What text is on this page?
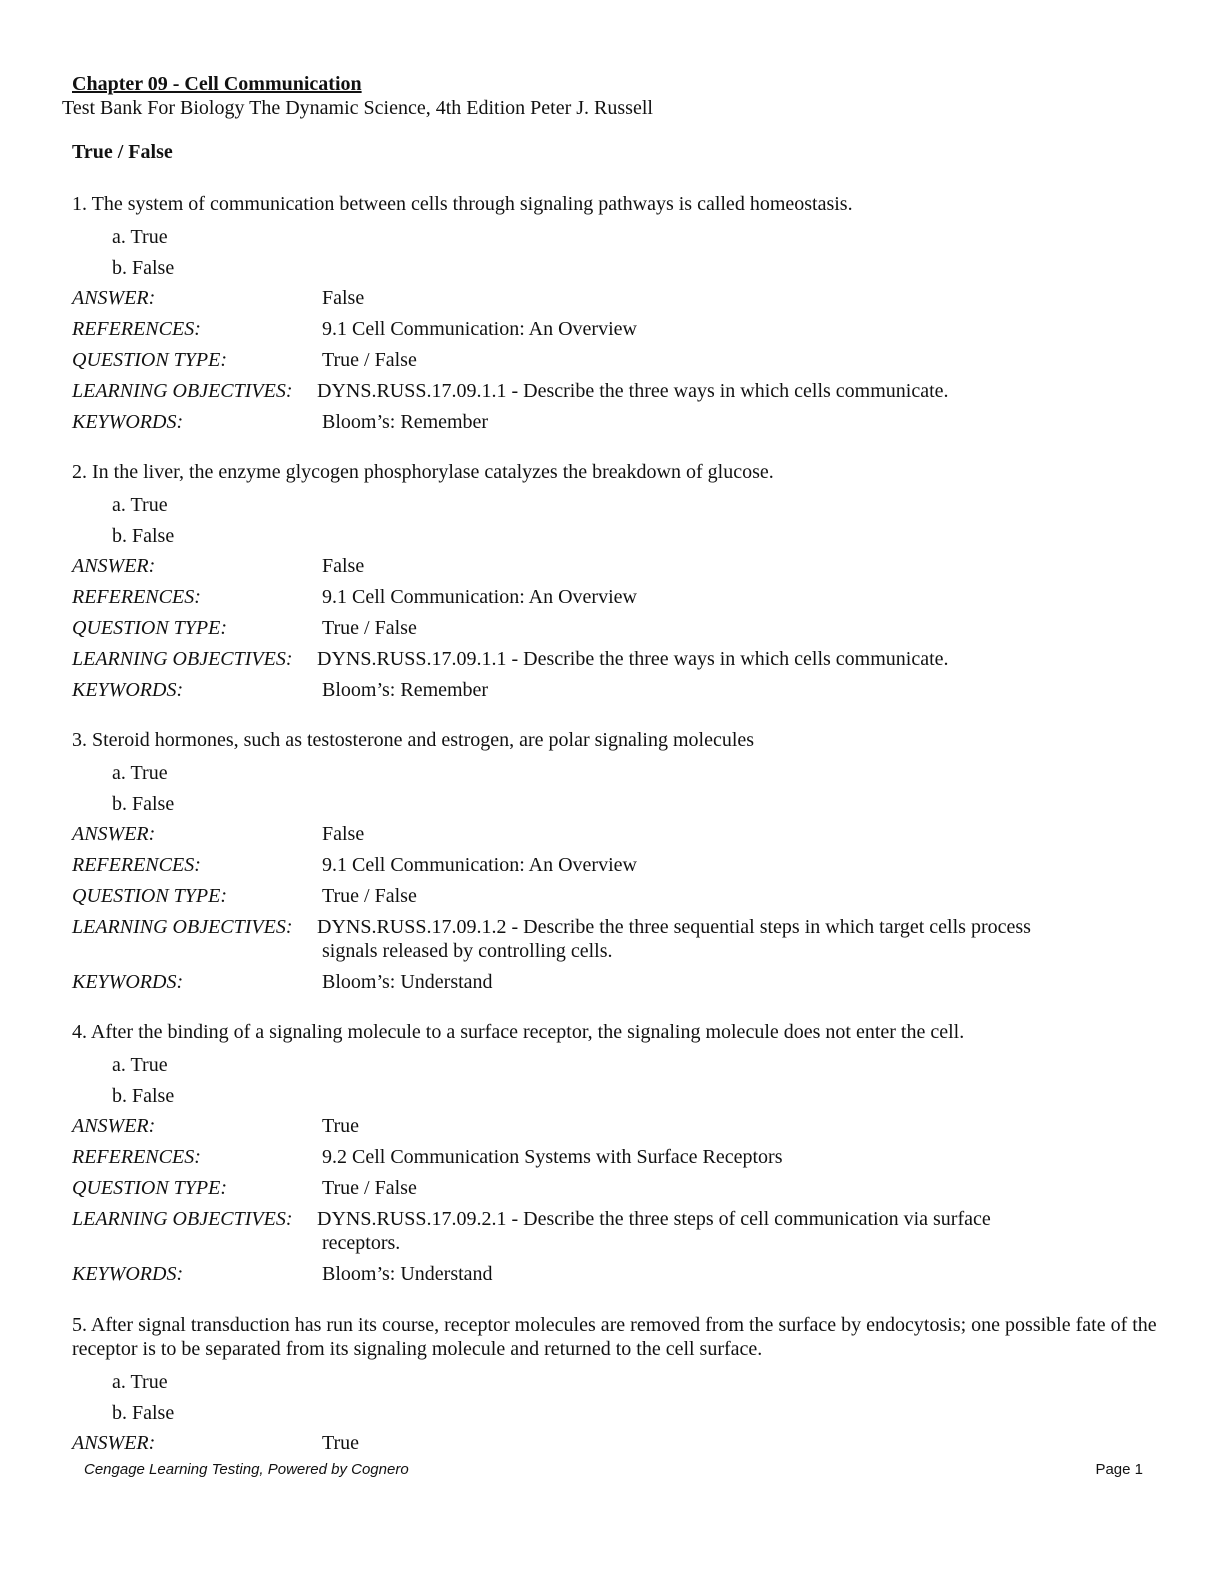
Chapter 09 - Cell Communication
Test Bank For Biology The Dynamic Science, 4th Edition Peter J. Russell
True / False

1. The system of communication between cells through signaling pathways is called homeostasis.

a. True
b. False
ANSWER:	False
REFERENCES:	9.1 Cell Communication: An Overview
QUESTION TYPE:	True / False
LEARNING OBJECTIVES:	DYNS.RUSS.17.09.1.1 - Describe the three ways in which cells communicate.
KEYWORDS:	Bloom’s: Remember

2. In the liver, the enzyme glycogen phosphorylase catalyzes the breakdown of glucose.

a. True
b. False
ANSWER:	False
REFERENCES:	9.1 Cell Communication: An Overview
QUESTION TYPE:	True / False
LEARNING OBJECTIVES:	DYNS.RUSS.17.09.1.1 - Describe the three ways in which cells communicate.
KEYWORDS:	Bloom’s: Remember

3. Steroid hormones, such as testosterone and estrogen, are polar signaling molecules

a. True
b. False
ANSWER:	False
REFERENCES:	9.1 Cell Communication: An Overview
QUESTION TYPE:	True / False
LEARNING OBJECTIVES:	DYNS.RUSS.17.09.1.2 - Describe the three sequential steps in which target cells process
signals released by controlling cells.
KEYWORDS:	Bloom’s: Understand

4. After the binding of a signaling molecule to a surface receptor, the signaling molecule does not enter the cell.

a. True
b. False
ANSWER:	True
REFERENCES:	9.2 Cell Communication Systems with Surface Receptors
QUESTION TYPE:	True / False
LEARNING OBJECTIVES:	DYNS.RUSS.17.09.2.1 - Describe the three steps of cell communication via surface
receptors.
KEYWORDS:	Bloom’s: Understand

5. After signal transduction has run its course, receptor molecules are removed from the surface by endocytosis; one possible fate of the receptor is to be separated from its signaling molecule and returned to the cell surface.

a. True
b. False
ANSWER:	True
Cengage Learning Testing, Powered by Cognero	Page 1
